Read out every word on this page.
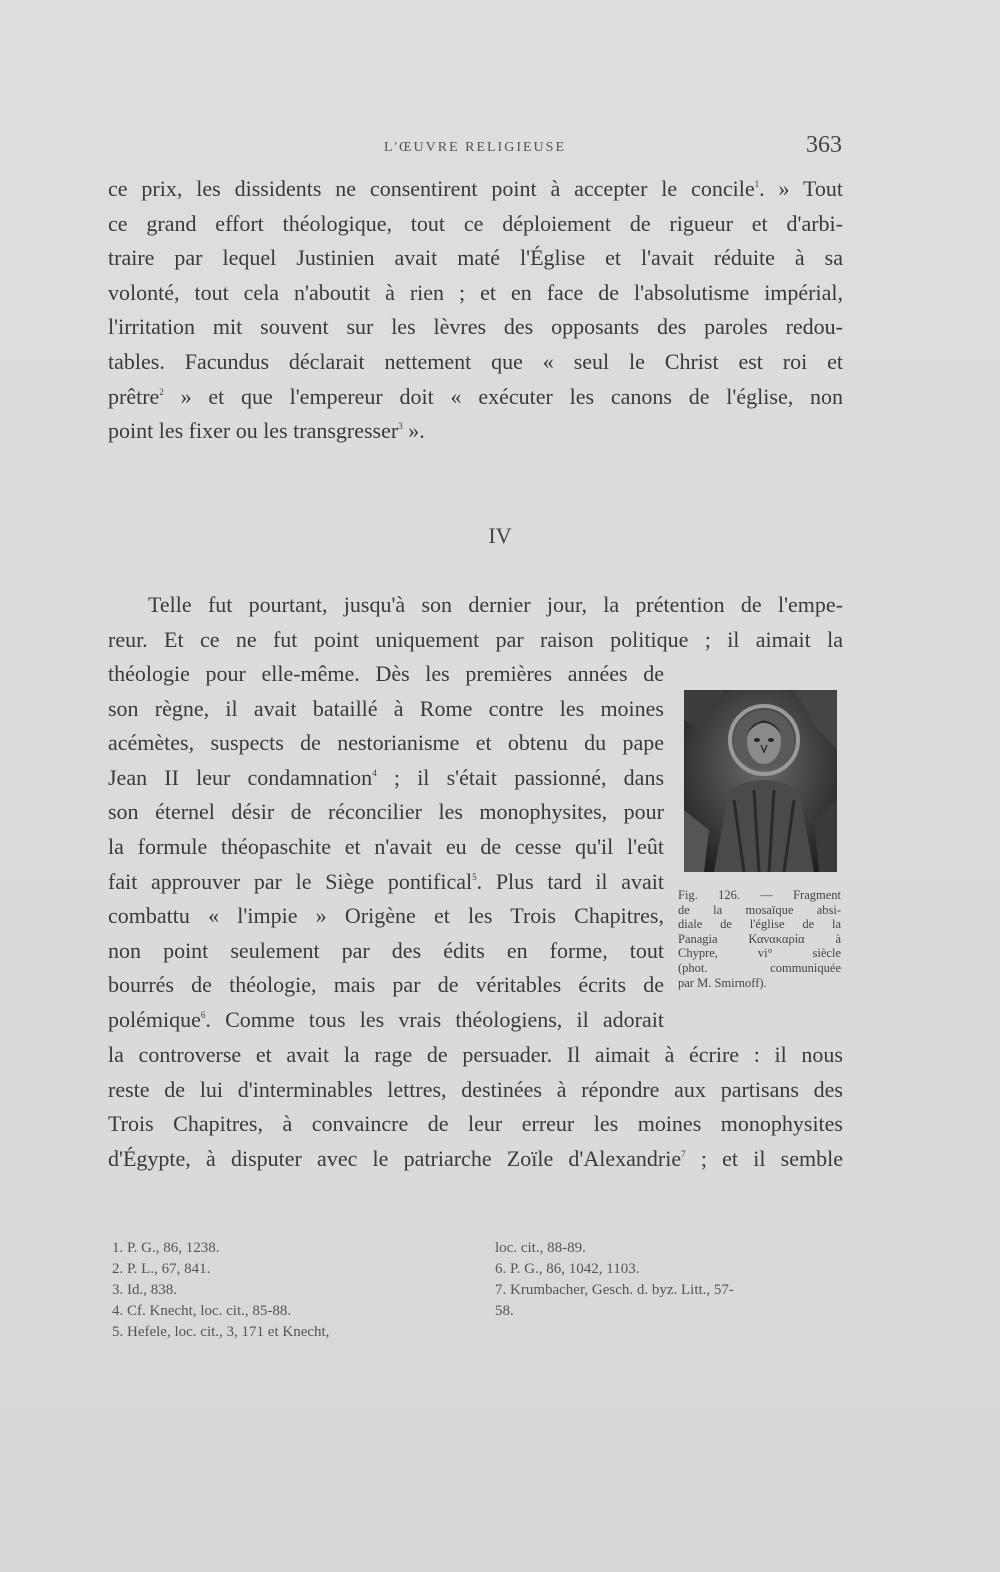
L'ŒUVRE RELIGIEUSE	363
ce prix, les dissidents ne consentirent point à accepter le concile$^1$. » Tout
ce grand effort théologique, tout ce déploiement de rigueur et d'arbi-
traire par lequel Justinien avait maté l'Église et l'avait réduite à sa
volonté, tout cela n'aboutit à rien ; et en face de l'absolutisme impérial,
l'irritation mit souvent sur les lèvres des opposants des paroles redou-
tables. Facundus déclarait nettement que « seul le Christ est roi et
prêtre$^2$ » et que l'empereur doit « exécuter les canons de l'église, non
point les fixer ou les transgresser$^3$ ».
IV
Telle fut pourtant, jusqu'à son dernier jour, la prétention de l'empe-
reur. Et ce ne fut point uniquement par raison politique ; il aimait la
théologie pour elle-même. Dès les premières années de
son règne, il avait bataillé à Rome contre les moines
acémètes, suspects de nestorianisme et obtenu du pape
Jean II leur condamnation$^4$ ; il s'était passionné, dans
son éternel désir de réconcilier les monophysites, pour
la formule théopaschite et n'avait eu de cesse qu'il l'eût
fait approuver par le Siège pontifical$^5$. Plus tard il avait
combattu « l'impie » Origène et les Trois Chapitres,
non point seulement par des édits en forme, tout
bourrés de théologie, mais par de véritables écrits de
polémique$^6$. Comme tous les vrais théologiens, il adorait
la controverse et avait la rage de persuader. Il aimait à écrire : il nous
reste de lui d'interminables lettres, destinées à répondre aux partisans des
Trois Chapitres, à convaincre de leur erreur les moines monophysites
d'Égypte, à disputer avec le patriarche Zoïle d'Alexandrie$^7$ ; et il semble
Fig. 126. — Fragment
de la mosaïque absi-
diale de l'église de la
Panagia Κανακαρία à
Chypre, vi° siècle
(phot. communiquée
par M. Smirnoff).
1. P. G., 86, 1238.
2. P. L., 67, 841.
3. Id., 838.
4. Cf. Knecht, loc. cit., 85-88.
5. Hefele, loc. cit., 3, 171 et Knecht,
loc. cit., 88-89.
6. P. G., 86, 1042, 1103.
7. Krumbacher, Gesch. d. byz. Litt., 57-
58.
